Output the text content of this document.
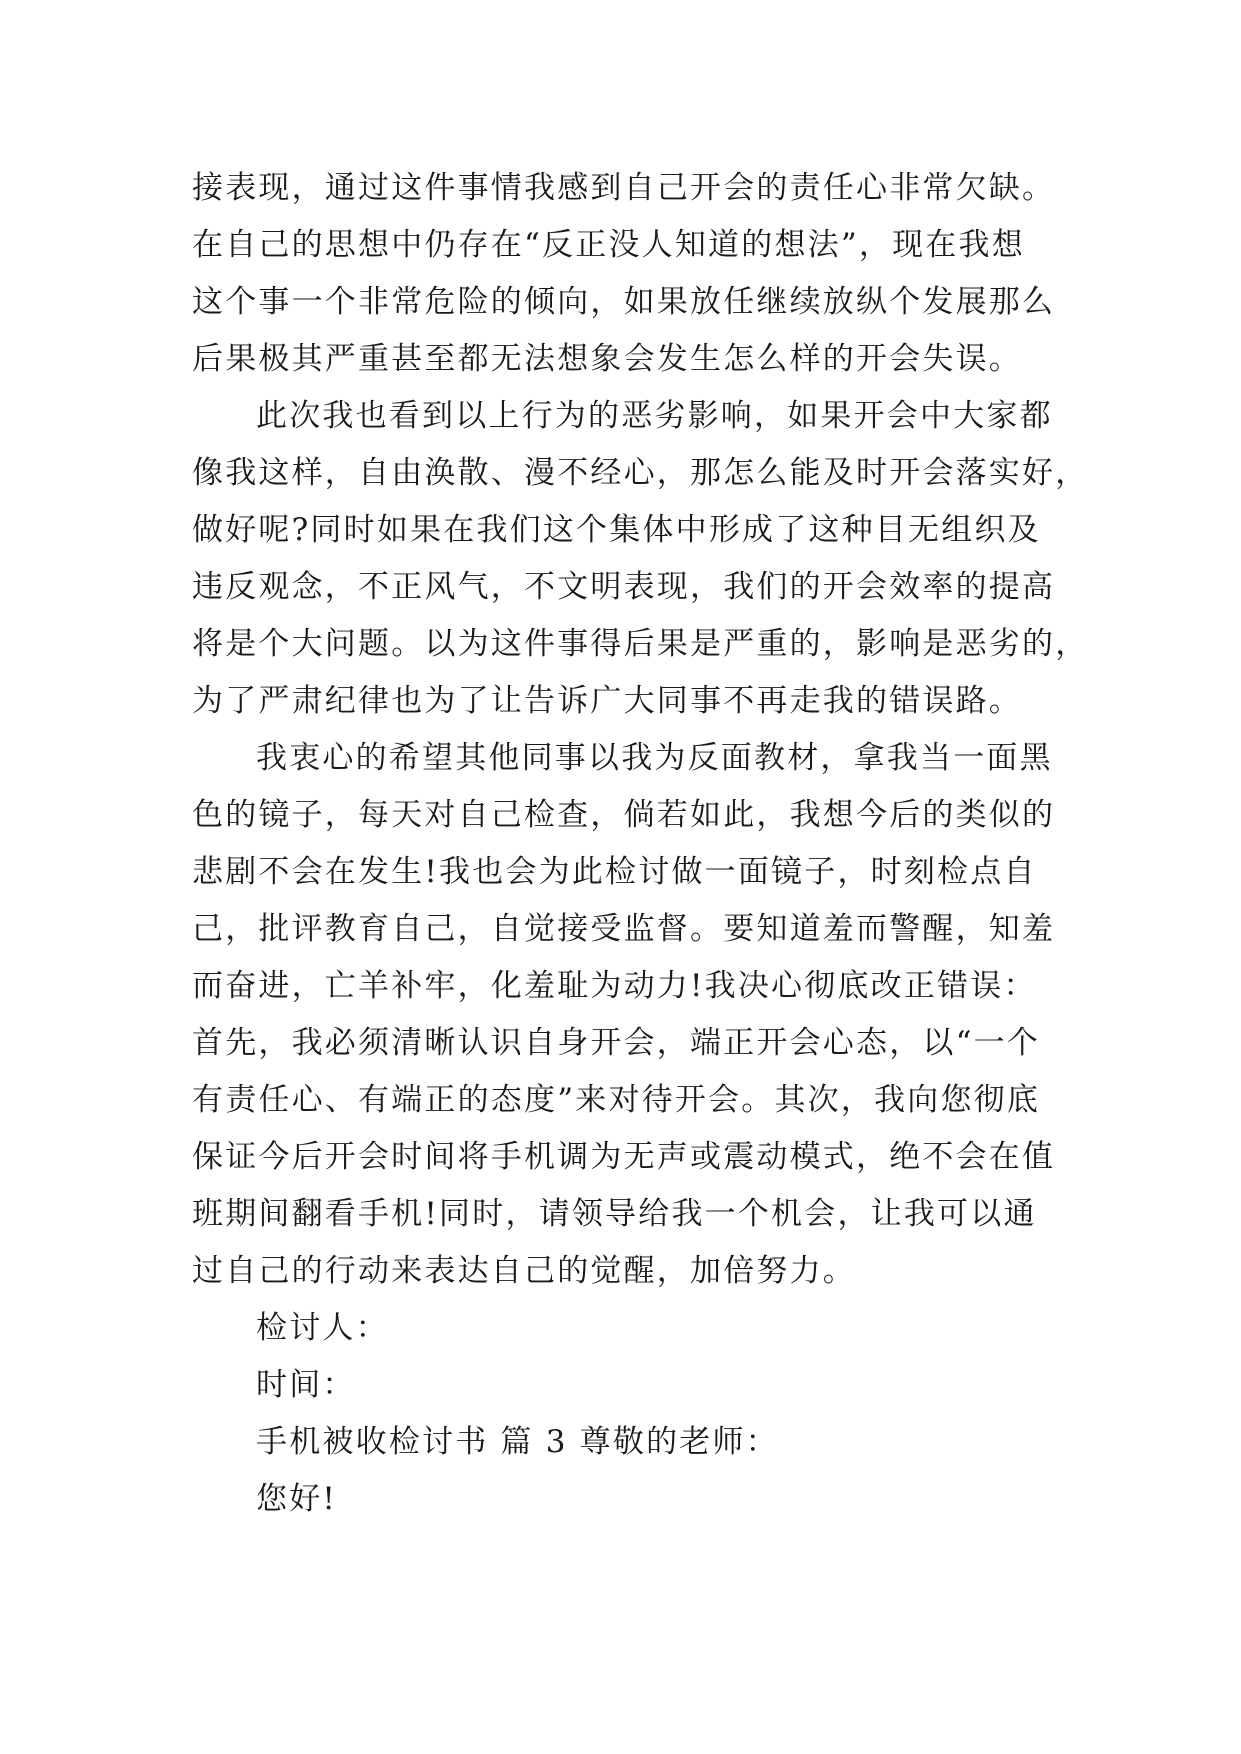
接表现，通过这件事情我感到自己开会的责任心非常欠缺。
在自己的思想中仍存在“反正没人知道的想法”，现在我想
这个事一个非常危险的倾向，如果放任继续放纵个发展那么
后果极其严重甚至都无法想象会发生怎么样的开会失误。
此次我也看到以上行为的恶劣影响，如果开会中大家都
像我这样，自由涣散、漫不经心，那怎么能及时开会落实好，
做好呢?同时如果在我们这个集体中形成了这种目无组织及
违反观念，不正风气，不文明表现，我们的开会效率的提高
将是个大问题。以为这件事得后果是严重的，影响是恶劣的，
为了严肃纪律也为了让告诉广大同事不再走我的错误路。
我衷心的希望其他同事以我为反面教材，拿我当一面黑
色的镜子，每天对自己检查，倘若如此，我想今后的类似的
悲剧不会在发生!我也会为此检讨做一面镜子，时刻检点自
己，批评教育自己，自觉接受监督。要知道羞而警醒，知羞
而奋进，亡羊补牢，化羞耻为动力!我决心彻底改正错误：
首先，我必须清晰认识自身开会，端正开会心态，以“一个
有责任心、有端正的态度”来对待开会。其次，我向您彻底
保证今后开会时间将手机调为无声或震动模式，绝不会在值
班期间翻看手机!同时，请领导给我一个机会，让我可以通
过自己的行动来表达自己的觉醒，加倍努力。
检讨人：
时间：
手机被收检讨书 篇 3 尊敬的老师：
您好!
